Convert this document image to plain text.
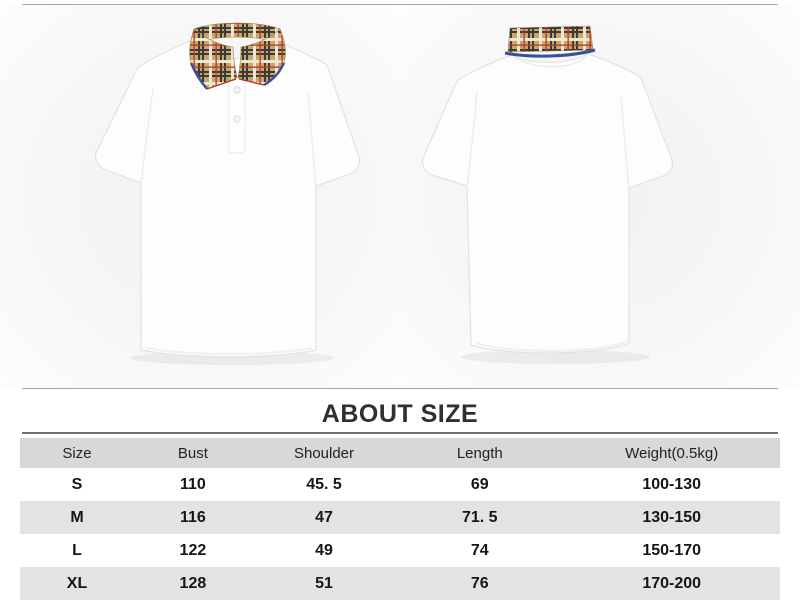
ABOUT SIZE
Size	Bust	Shoulder	Length	Weight(0.5kg)
S	110	45. 5	69	100-130
M	116	47	71. 5	130-150
L	122	49	74	150-170
XL	128	51	76	170-200
